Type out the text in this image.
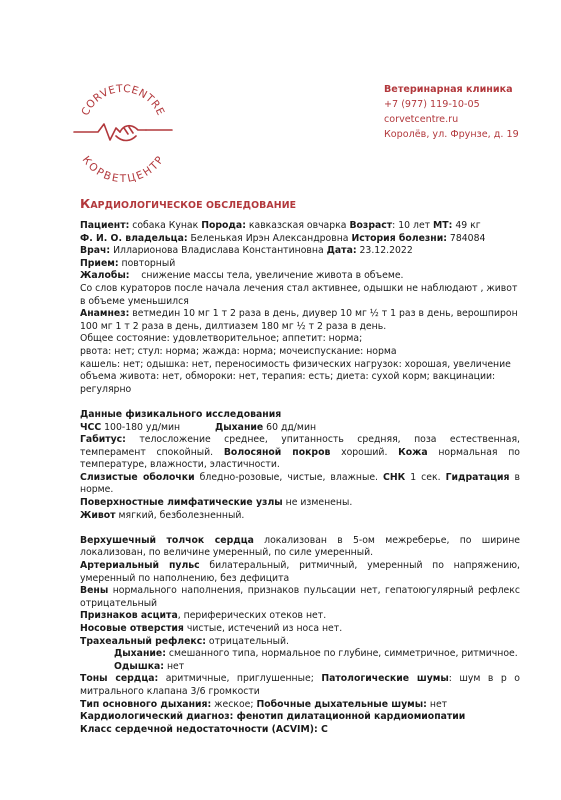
CORVETCENTRE
КОРВЕТЦЕНТР
Ветеринарная клиника
+7 (977) 119-10-05
corvetcentre.ru
Королёв, ул. Фрунзе, д. 19
КАРДИОЛОГИЧЕСКОЕ ОБСЛЕДОВАНИЕ

Пациент: собака Кунак Порода: кавказская овчарка Возраст: 10 лет МТ: 49 кг

Ф. И. О. владельца: Беленькая Ирэн Александровна История болезни: 784084

Врач: Илларионова Владислава Константиновна Дата: 23.12.2022

Прием: повторный

Жалобы:    снижение массы тела, увеличение живота в объеме.

Со слов кураторов после начала лечения стал активнее, одышки не наблюдают , живот в объеме уменьшился

Анамнез: ветмедин 10 мг 1 т 2 раза в день, диувер 10 мг ½ т 1 раз в день, верошпирон 100 мг 1 т 2 раза в день, дилтиазем 180 мг ½ т 2 раза в день.

Общее состояние: удовлетворительное; аппетит: норма;

рвота: нет; стул: норма; жажда: норма; мочеиспускание: норма

кашель: нет; одышка: нет, переносимость физических нагрузок: хорошая, увеличение объема живота: нет, обмороки: нет, терапия: есть; диета: сухой корм; вакцинации: регулярно

Данные физикального исследования

ЧСС 100-180 уд/мин	Дыхание 60 дд/мин

Габитус: телосложение среднее, упитанность средняя, поза естественная, темперамент спокойный. Волосяной покров хороший. Кожа нормальная по температуре, влажности, эластичности.

Слизистые оболочки бледно-розовые, чистые, влажные. СНК 1 сек. Гидратация в норме.

Поверхностные лимфатические узлы не изменены.

Живот мягкий, безболезненный.

Верхушечный толчок сердца локализован в 5-ом межреберье, по ширине локализован, по величине умеренный, по силе умеренный.

Артериальный пульс билатеральный, ритмичный, умеренный по напряжению, умеренный по наполнению, без дефицита

Вены нормального наполнения, признаков пульсации нет, гепатоюгулярный рефлекс отрицательный

Признаков асцита, периферических отеков нет.

Носовые отверстия чистые, истечений из носа нет.

Трахеальный рефлекс: отрицательный.

Дыхание: смешанного типа, нормальное по глубине, симметричное, ритмичное.

Одышка: нет

Тоны сердца: аритмичные, приглушенные; Патологические шумы: шум в р о митрального клапана 3/6 громкости

Тип основного дыхания: жеское; Побочные дыхательные шумы: нет

Кардиологический диагноз: фенотип дилатационной кардиомиопатии

Класс сердечной недостаточности (ACVIM): С
